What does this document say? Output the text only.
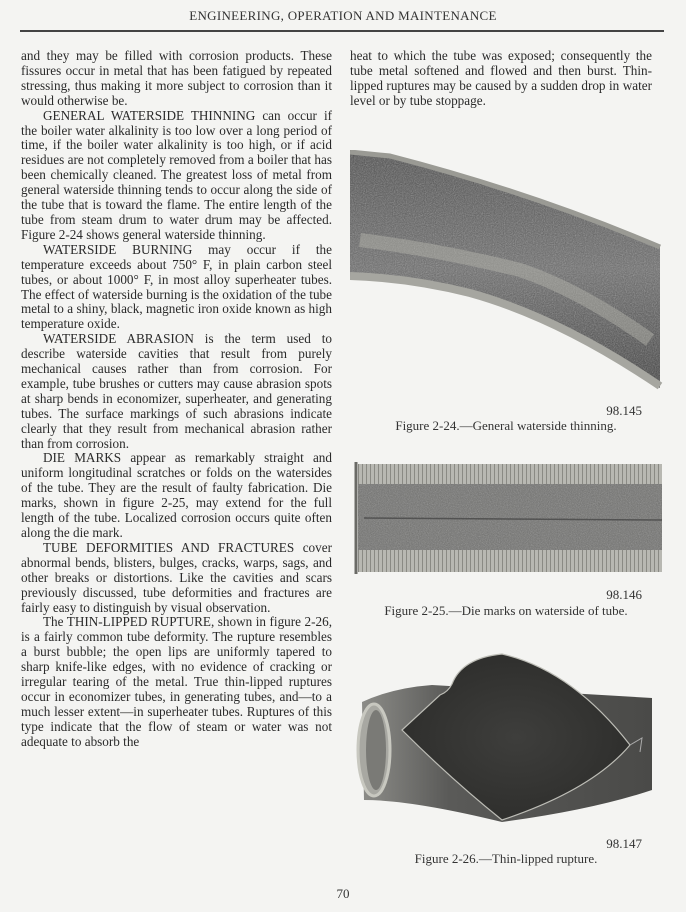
ENGINEERING, OPERATION AND MAINTENANCE

and they may be filled with corrosion products. These fissures occur in metal that has been fatigued by repeated stressing, thus making it more subject to corrosion than it would otherwise be.

GENERAL WATERSIDE THINNING can occur if the boiler water alkalinity is too low over a long period of time, if the boiler water alkalinity is too high, or if acid residues are not completely removed from a boiler that has been chemically cleaned. The greatest loss of metal from general waterside thinning tends to occur along the side of the tube that is toward the flame. The entire length of the tube from steam drum to water drum may be affected. Figure 2-24 shows general waterside thinning.

WATERSIDE BURNING may occur if the temperature exceeds about 750° F, in plain carbon steel tubes, or about 1000° F, in most alloy superheater tubes. The effect of waterside burning is the oxidation of the tube metal to a shiny, black, magnetic iron oxide known as high temperature oxide.

WATERSIDE ABRASION is the term used to describe waterside cavities that result from purely mechanical causes rather than from corrosion. For example, tube brushes or cutters may cause abrasion spots at sharp bends in economizer, superheater, and generating tubes. The surface markings of such abrasions indicate clearly that they result from mechanical abrasion rather than from corrosion.

DIE MARKS appear as remarkably straight and uniform longitudinal scratches or folds on the watersides of the tube. They are the result of faulty fabrication. Die marks, shown in figure 2-25, may extend for the full length of the tube. Localized corrosion occurs quite often along the die mark.

TUBE DEFORMITIES AND FRACTURES cover abnormal bends, blisters, bulges, cracks, warps, sags, and other breaks or distortions. Like the cavities and scars previously discussed, tube deformities and fractures are fairly easy to distinguish by visual observation.

The THIN-LIPPED RUPTURE, shown in figure 2-26, is a fairly common tube deformity. The rupture resembles a burst bubble; the open lips are uniformly tapered to sharp knife-like edges, with no evidence of cracking or irregular tearing of the metal. True thin-lipped ruptures occur in economizer tubes, in generating tubes, and—to a much lesser extent—in superheater tubes. Ruptures of this type indicate that the flow of steam or water was not adequate to absorb the

heat to which the tube was exposed; consequently the tube metal softened and flowed and then burst. Thin-lipped ruptures may be caused by a sudden drop in water level or by tube stoppage.

98.145
Figure 2-24.—General waterside thinning.
98.146
Figure 2-25.—Die marks on waterside of tube.
98.147
Figure 2-26.—Thin-lipped rupture.
70
